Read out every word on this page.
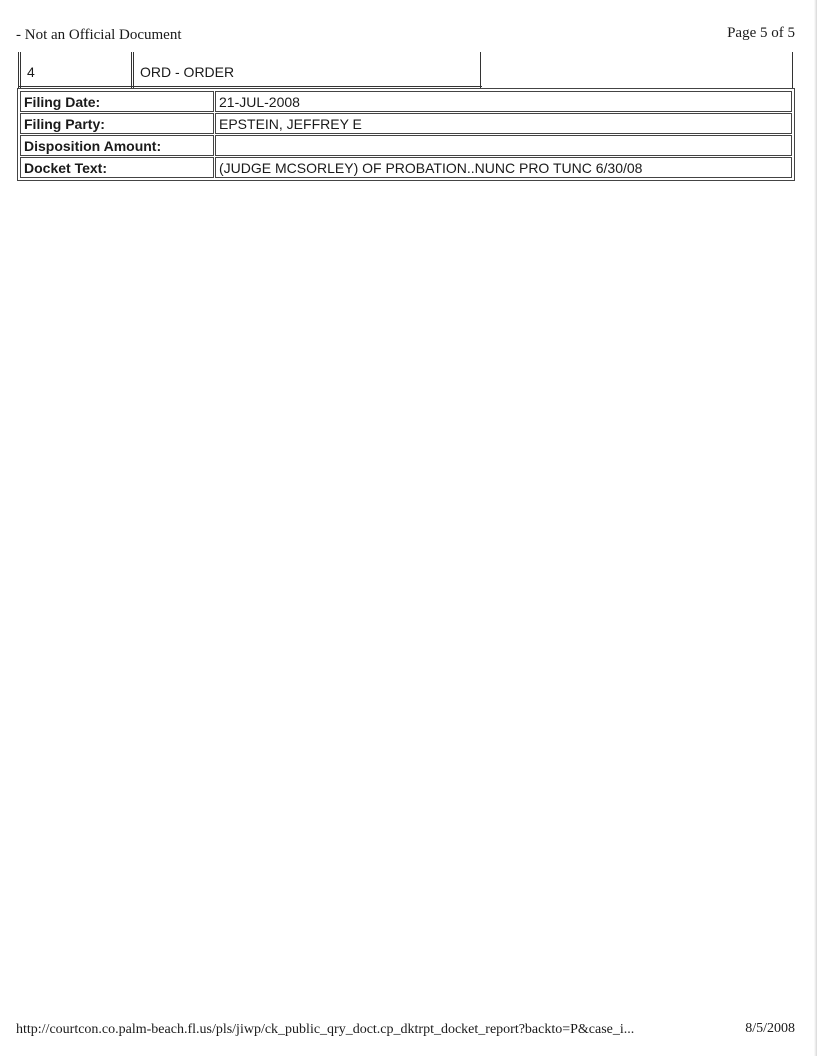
- Not an Official Document	Page 5 of 5
4	ORD - ORDER
Filing Date:	21-JUL-2008
Filing Party:	EPSTEIN, JEFFREY E
Disposition Amount:	
Docket Text:	(JUDGE MCSORLEY) OF PROBATION..NUNC PRO TUNC 6/30/08
http://courtcon.co.palm-beach.fl.us/pls/jiwp/ck_public_qry_doct.cp_dktrpt_docket_report?backto=P&case_i...	8/5/2008
